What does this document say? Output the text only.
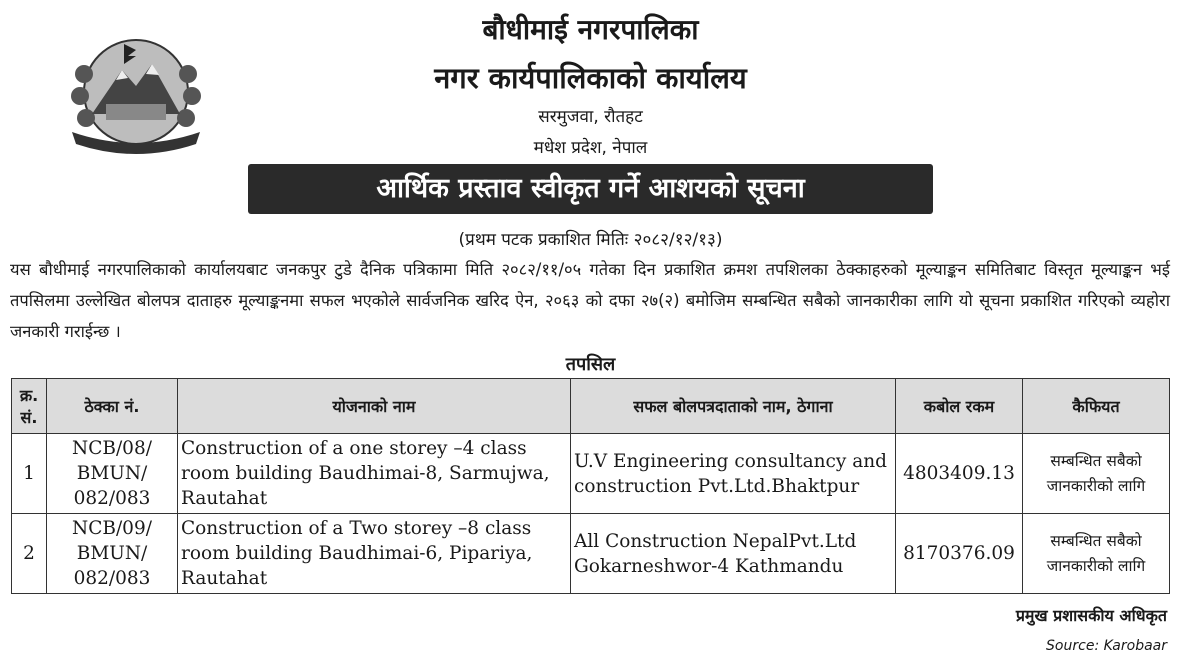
बौधीमाई नगरपालिका
नगर कार्यपालिकाको कार्यालय
सरमुजवा, रौतहट
मधेश प्रदेश, नेपाल
आर्थिक प्रस्ताव स्वीकृत गर्ने आशयको सूचना
(प्रथम पटक प्रकाशित मितिः २०८२/१२/१३)
यस बौधीमाई नगरपालिकाको कार्यालयबाट जनकपुर टुडे दैनिक पत्रिकामा मिति २०८२/११/०५ गतेका दिन प्रकाशित क्रमश तपशिलका ठेक्काहरुको मूल्याङ्कन समितिबाट विस्तृत मूल्याङ्कन भई तपसिलमा उल्लेखित बोलपत्र दाताहरु मूल्याङ्कनमा सफल भएकोले सार्वजनिक खरिद ऐन, २०६३ को दफा २७(२) बमोजिम सम्बन्धित सबैको जानकारीका लागि यो सूचना प्रकाशित गरिएको व्यहोरा जनकारी गराईन्छ ।
तपसिल
क्र. सं.	ठेक्का नं.	योजनाको नाम	सफल बोलपत्रदाताको नाम, ठेगाना	कबोल रकम	कैफियत
1	NCB/08/ BMUN/ 082/083	Construction of a one storey –4 class room building Baudhimai-8, Sarmujwa, Rautahat	U.V Engineering consultancy and construction Pvt.Ltd.Bhaktpur	4803409.13	सम्बन्धित सबैको जानकारीको लागि
2	NCB/09/ BMUN/ 082/083	Construction of a Two storey –8 class room building Baudhimai-6, Pipariya, Rautahat	All Construction NepalPvt.Ltd Gokarneshwor-4 Kathmandu	8170376.09	सम्बन्धित सबैको जानकारीको लागि
प्रमुख प्रशासकीय अधिकृत
Source: Karobaar
